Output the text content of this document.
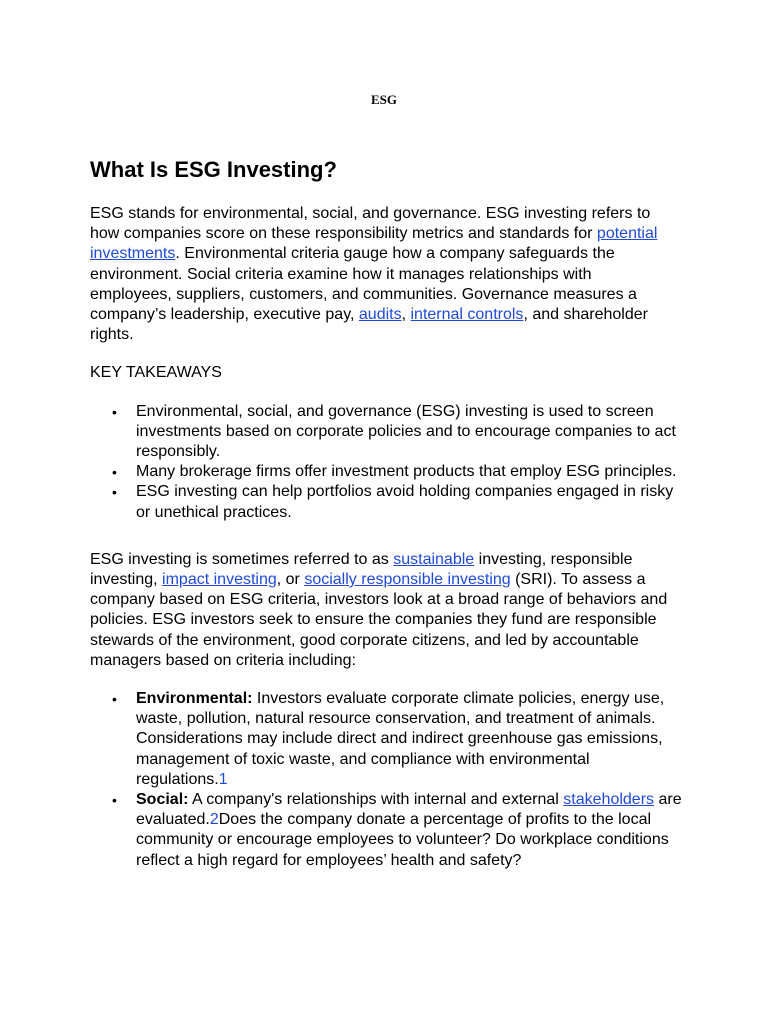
ESG
What Is ESG Investing?

ESG stands for environmental, social, and governance. ESG investing refers to how companies score on these responsibility metrics and standards for potential investments. Environmental criteria gauge how a company safeguards the environment. Social criteria examine how it manages relationships with employees, suppliers, customers, and communities. Governance measures a company’s leadership, executive pay, audits, internal controls, and shareholder rights.

KEY TAKEAWAYS

• Environmental, social, and governance (ESG) investing is used to screen investments based on corporate policies and to encourage companies to act responsibly.
• Many brokerage firms offer investment products that employ ESG principles.
• ESG investing can help portfolios avoid holding companies engaged in risky or unethical practices.

ESG investing is sometimes referred to as sustainable investing, responsible investing, impact investing, or socially responsible investing (SRI). To assess a company based on ESG criteria, investors look at a broad range of behaviors and policies. ESG investors seek to ensure the companies they fund are responsible stewards of the environment, good corporate citizens, and led by accountable managers based on criteria including:

• Environmental: Investors evaluate corporate climate policies, energy use, waste, pollution, natural resource conservation, and treatment of animals. Considerations may include direct and indirect greenhouse gas emissions, management of toxic waste, and compliance with environmental regulations.1
• Social: A company's relationships with internal and external stakeholders are evaluated.2Does the company donate a percentage of profits to the local community or encourage employees to volunteer? Do workplace conditions reflect a high regard for employees’ health and safety?
